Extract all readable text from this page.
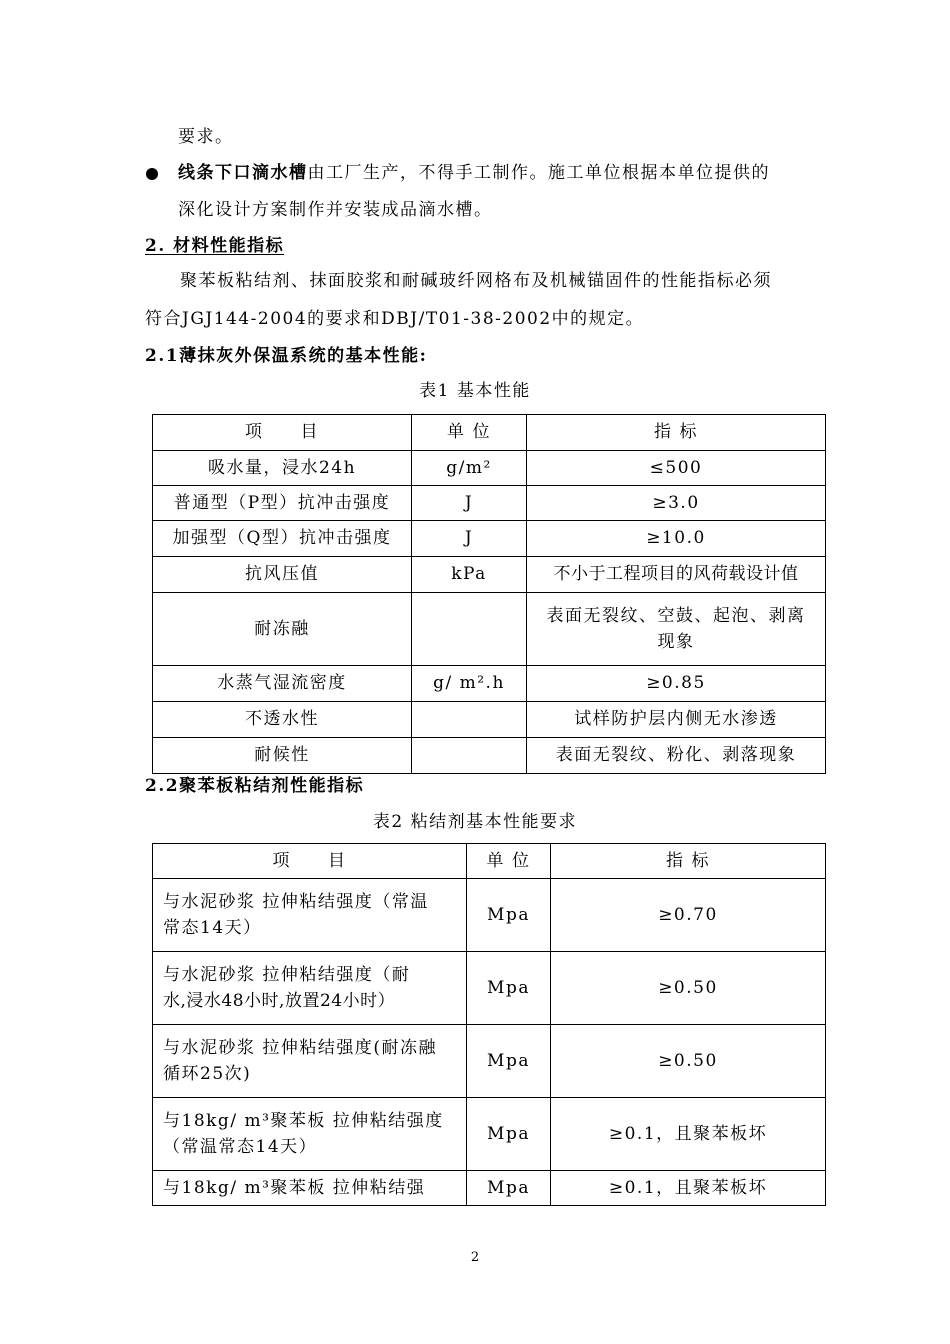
要求。
线条下口滴水槽由工厂生产，不得手工制作。施工单位根据本单位提供的
深化设计方案制作并安装成品滴水槽。
2. 材料性能指标
聚苯板粘结剂、抹面胶浆和耐碱玻纤网格布及机械锚固件的性能指标必须
符合JGJ144-2004的要求和DBJ/T01-38-2002中的规定。
2.1薄抹灰外保温系统的基本性能:
表1 基本性能
项　　目	单 位	指 标
吸水量，浸水24h	g/m²	≤500
普通型（P型）抗冲击强度	J	≥3.0
加强型（Q型）抗冲击强度	J	≥10.0
抗风压值	kPa	不小于工程项目的风荷载设计值
耐冻融		表面无裂纹、空鼓、起泡、剥离
现象

水蒸气湿流密度	g/ m².h	≥0.85
不透水性		试样防护层内侧无水渗透
耐候性		表面无裂纹、粉化、剥落现象
2.2聚苯板粘结剂性能指标
表2 粘结剂基本性能要求
项　　目	单 位	指 标

与水泥砂浆 拉伸粘结强度（常温
常态14天）	Mpa	≥0.70

与水泥砂浆 拉伸粘结强度（耐
水,浸水48小时,放置24小时）	Mpa	≥0.50

与水泥砂浆 拉伸粘结强度(耐冻融
循环25次)	Mpa	≥0.50

与18kg/ m³聚苯板 拉伸粘结强度
（常温常态14天）	Mpa	≥0.1，且聚苯板坏
与18kg/ m³聚苯板 拉伸粘结强	Mpa	≥0.1，且聚苯板坏
2
